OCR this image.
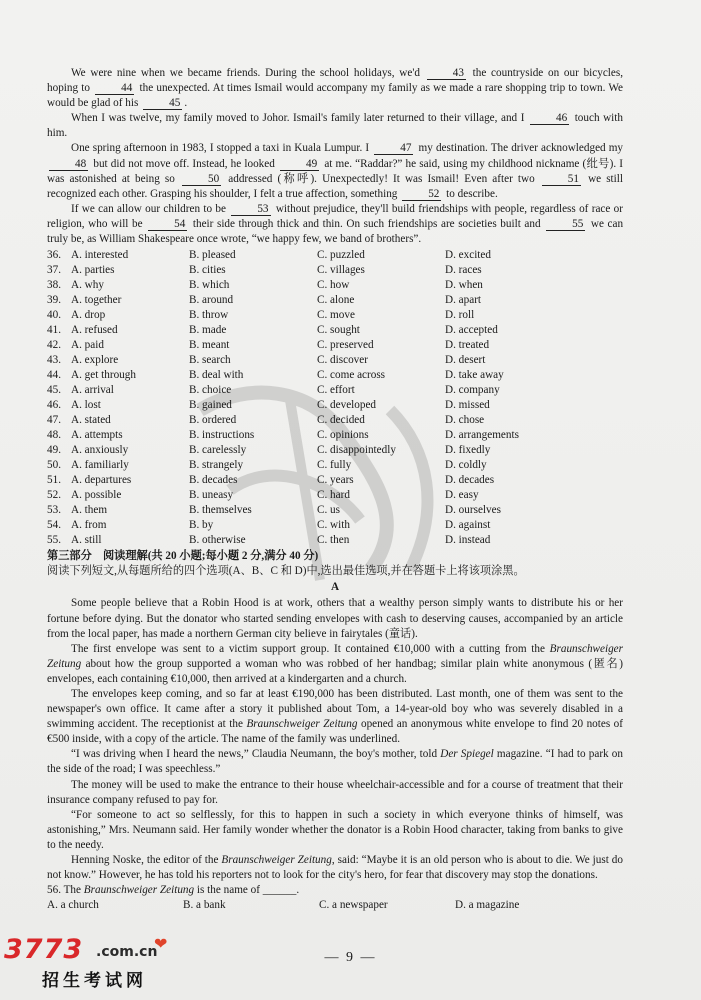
We were nine when we became friends. During the school holidays, we'd	43 the countryside on our bicycles, hoping to	44 the unexpected. At times Ismail would accompany my family as we made a rare shopping trip to town. We would be glad of his	45 .

When I was twelve, my family moved to Johor. Ismail's family later returned to their village, and I	46 touch with him.

One spring afternoon in 1983, I stopped a taxi in Kuala Lumpur. I	47 my destination. The driver acknowledged my 48 but did not move off. Instead, he looked	49 at me. “Raddar?” he said, using my childhood nickname (纰号). I was astonished at being so	50 addressed (称呼). Unexpectedly! It was Ismail! Even after two	51 we still recognized each other. Grasping his shoulder, I felt a true affection, something	52 to describe.

If we can allow our children to be	53 without prejudice, they'll build friendships with people, regardless of race or religion, who will be	54 their side through thick and thin. On such friendships are societies built and	55 we can truly be, as William Shakespeare once wrote, “we happy few, we band of brothers”.

36. A. interested	B. pleased	C. puzzled	D. excited
37. A. parties	B. cities	C. villages	D. races
38. A. why	B. which	C. how	D. when
39. A. together	B. around	C. alone	D. apart
40. A. drop	B. throw	C. move	D. roll
41. A. refused	B. made	C. sought	D. accepted
42. A. paid	B. meant	C. preserved	D. treated
43. A. explore	B. search	C. discover	D. desert
44. A. get through	B. deal with	C. come across	D. take away
45. A. arrival	B. choice	C. effort	D. company
46. A. lost	B. gained	C. developed	D. missed
47. A. stated	B. ordered	C. decided	D. chose
48. A. attempts	B. instructions	C. opinions	D. arrangements
49. A. anxiously	B. carelessly	C. disappointedly	D. fixedly
50. A. familiarly	B. strangely	C. fully	D. coldly
51. A. departures	B. decades	C. years	D. decades
52. A. possible	B. uneasy	C. hard	D. easy
53. A. them	B. themselves	C. us	D. ourselves
54. A. from	B. by	C. with	D. against
55. A. still	B. otherwise	C. then	D. instead

第三部分　阅读理解(共 20 小题;每小题 2 分,满分 40 分)

阅读下列短文,从每题所给的四个选项(A、B、C 和 D)中,选出最佳选项,并在答题卡上将该项涂黑。

A

Some people believe that a Robin Hood is at work, others that a wealthy person simply wants to distribute his or her fortune before dying. But the donator who started sending envelopes with cash to deserving causes, accompanied by an article from the local paper, has made a northern German city believe in fairytales (童话).

The first envelope was sent to a victim support group. It contained €10,000 with a cutting from the Braunschweiger Zeitung about how the group supported a woman who was robbed of her handbag; similar plain white anonymous (匿名) envelopes, each containing €10,000, then arrived at a kindergarten and a church.

The envelopes keep coming, and so far at least €190,000 has been distributed. Last month, one of them was sent to the newspaper's own office. It came after a story it published about Tom, a 14-year-old boy who was severely disabled in a swimming accident. The receptionist at the Braunschweiger Zeitung opened an anonymous white envelope to find 20 notes of €500 inside, with a copy of the article. The name of the family was underlined.

“I was driving when I heard the news,” Claudia Neumann, the boy's mother, told Der Spiegel magazine. “I had to park on the side of the road; I was speechless.”

The money will be used to make the entrance to their house wheelchair-accessible and for a course of treatment that their insurance company refused to pay for.

“For someone to act so selflessly, for this to happen in such a society in which everyone thinks of himself, was astonishing,” Mrs. Neumann said. Her family wonder whether the donator is a Robin Hood character, taking from banks to give to the needy.

Henning Noske, the editor of the Braunschweiger Zeitung, said: “Maybe it is an old person who is about to die. We just do not know.” However, he has told his reporters not to look for the city's hero, for fear that discovery may stop the donations.

56. The Braunschweiger Zeitung is the name of ______.

A. a church	B. a bank	C. a newspaper	D. a magazine
— 9 —
3773 .com.cn
❤
招生考试网
